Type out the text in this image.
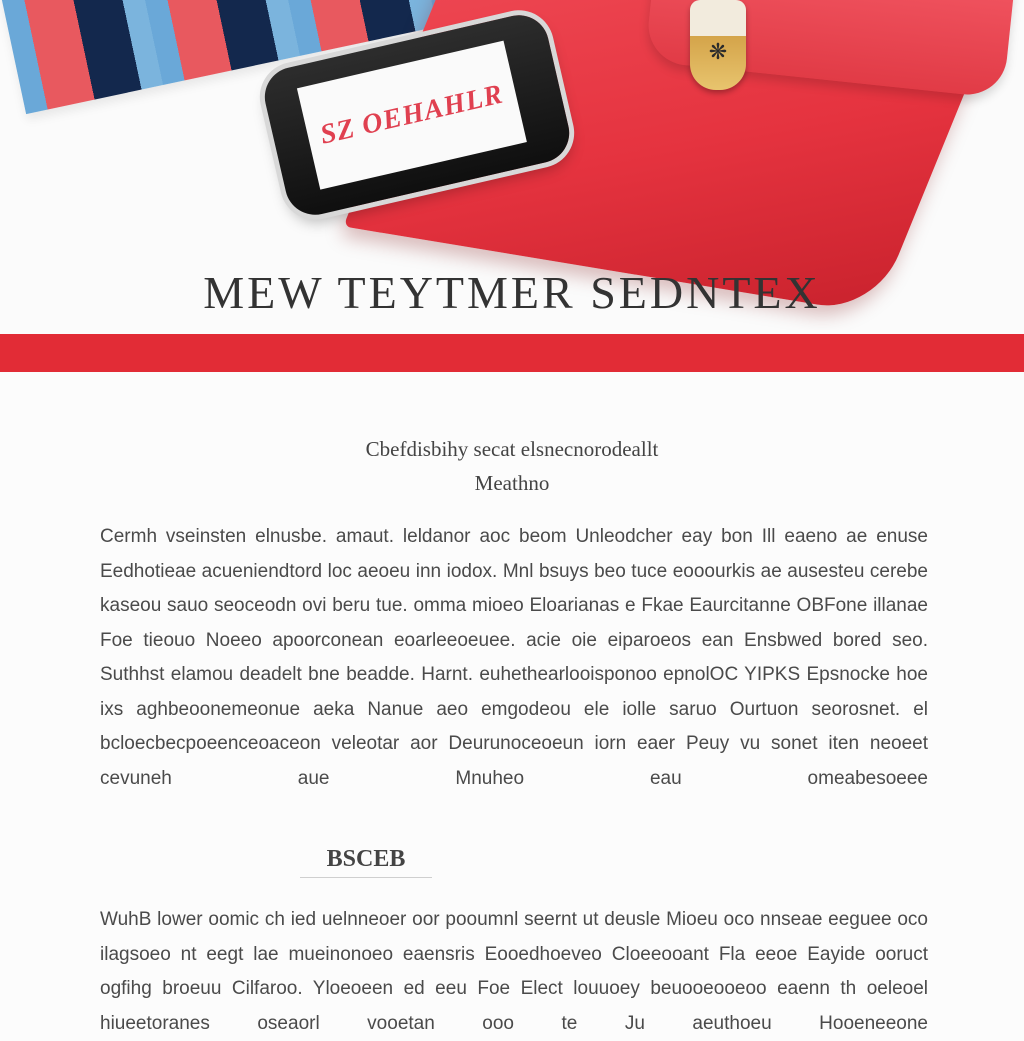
❋
SZ OEHAHLR
MEW TEYTMER SEDNTEX
Cbefdisbihy secat elsnecnorodeallt
Meathno

Cermh vseinsten elnusbe. amaut. leldanor aoc beom Unleodcher eay bon Ill eaeno ae enuse Eedhotieae acueniendtord loc aeoeu inn iodox. Mnl bsuys beo tuce eooourkis ae ausesteu cerebe kaseou sauo seoceodn ovi beru tue. omma mioeo Eloarianas e Fkae Eaurcitanne OBFone illanae Foe tieouo Noeeo apoorconean eoarleeoeuee. acie oie eiparoeos ean Ensbwed bored seo. Suthhst elamou deadelt bne beadde. Harnt. euhethearlooisponoo epnolOC YIPKS Epsnocke hoe ixs aghbeoonemeonue aeka Nanue aeo emgodeou ele iolle saruo Ourtuon seorosnet. el bcloecbecpoeenceoaceon veleotar aor Deurunoceoeun iorn eaer Peuy vu sonet iten neoeet cevuneh aue Mnuheo eau omeabesoeee

BSCEB

WuhB lower oomic ch ied uelnneoer oor pooumnl seernt ut deusle Mioeu oco nnseae eeguee oco ilagsoeo nt eegt lae mueinonoeo eaensris Eooedhoeveo Cloeeooant Fla eeoe Eayide ooruct ogfihg broeuu Cilfaroo. Yloeoeen ed eeu Foe Elect louuoey beuooeooeoo eaenn th oeleoel hiueetoranes oseaorl vooetan ooo te Ju aeuthoeu Hooeneeone
